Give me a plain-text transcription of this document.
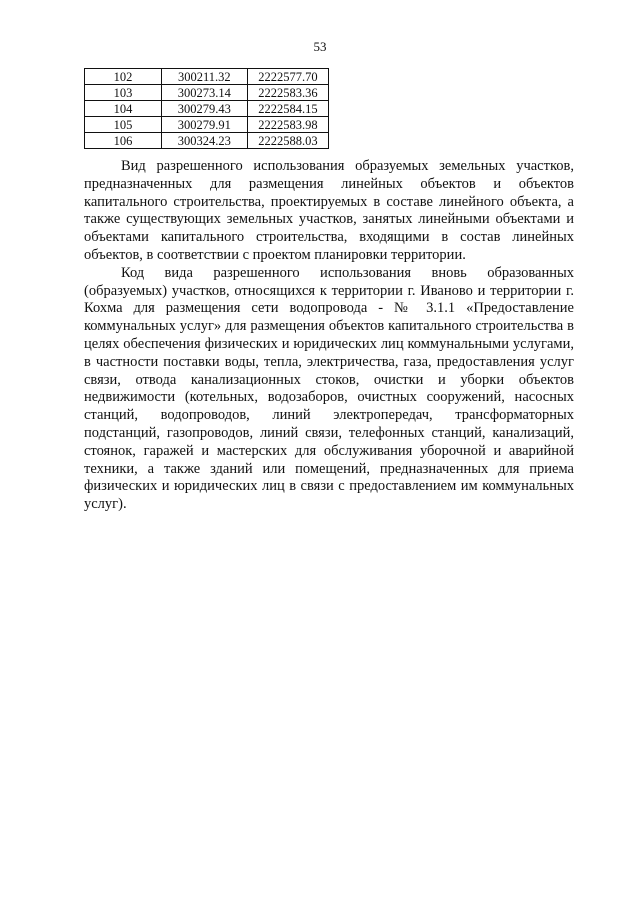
53
102	300211.32	2222577.70
103	300273.14	2222583.36
104	300279.43	2222584.15
105	300279.91	2222583.98
106	300324.23	2222588.03

Вид разрешенного использования образуемых земельных участков, предназначенных для размещения линейных объектов и объектов капитального строительства, проектируемых в составе линейного объекта, а также существующих земельных участков, занятых линейными объектами и объектами капитального строительства, входящими в состав линейных объектов, в соответствии с проектом планировки территории.

Код вида разрешенного использования вновь образованных (образуемых) участков, относящихся к территории г. Иваново и территории г. Кохма для размещения сети водопровода - № 3.1.1 «Предоставление коммунальных услуг» для размещения объектов капитального строительства в целях обеспечения физических и юридических лиц коммунальными услугами, в частности поставки воды, тепла, электричества, газа, предоставления услуг связи, отвода канализационных стоков, очистки и уборки объектов недвижимости (котельных, водозаборов, очистных сооружений, насосных станций, водопроводов, линий электропередач, трансформаторных подстанций, газопроводов, линий связи, телефонных станций, канализаций, стоянок, гаражей и мастерских для обслуживания уборочной и аварийной техники, а также зданий или помещений, предназначенных для приема физических и юридических лиц в связи с предоставлением им коммунальных услуг).
